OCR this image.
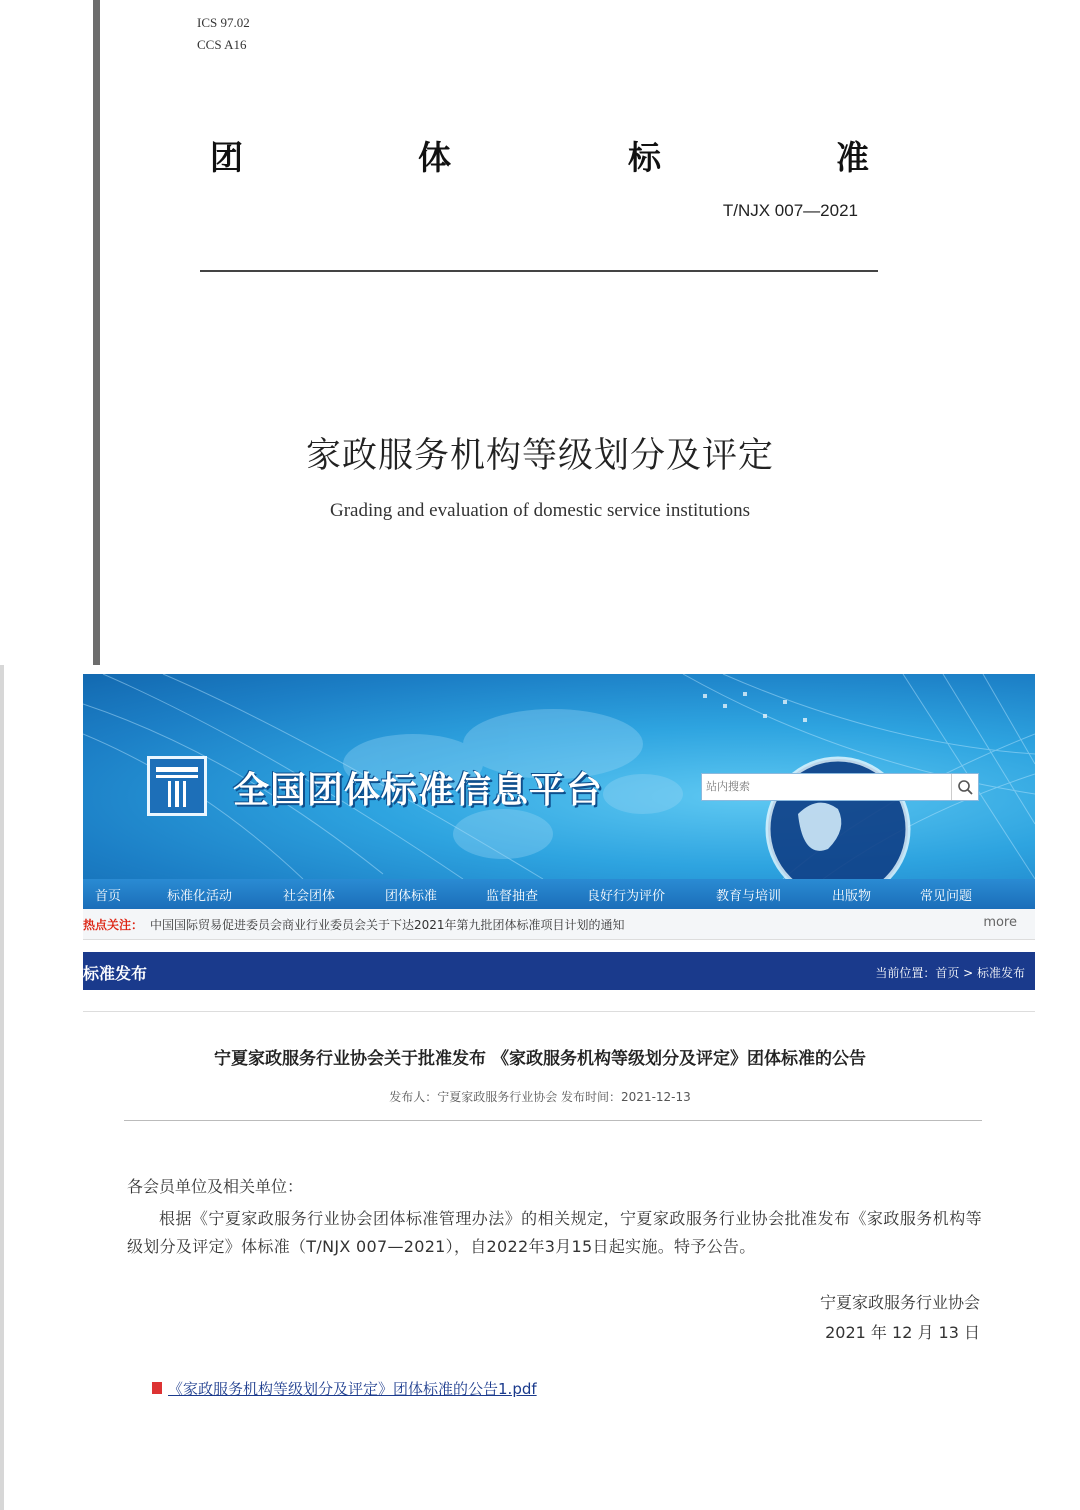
ICS 97.02
CCS A16
团	体	标	准
T/NJX 007—2021
家政服务机构等级划分及评定
Grading and evaluation of domestic service institutions
全国团体标准信息平台
站内搜索
首页	标准化活动	社会团体	团体标准	监督抽查	良好行为评价	教育与培训	出版物	常见问题
热点关注： 中国国际贸易促进委员会商业行业委员会关于下达2021年第九批团体标准项目计划的通知	more
标准发布	当前位置：首页 > 标准发布
宁夏家政服务行业协会关于批准发布 《家政服务机构等级划分及评定》团体标准的公告
发布人：宁夏家政服务行业协会 发布时间：2021-12-13

各会员单位及相关单位：

根据《宁夏家政服务行业协会团体标准管理办法》的相关规定，宁夏家政服务行业协会批准发布《家政服务机构等级划分及评定》体标准（T/NJX 007—2021），自2022年3月15日起实施。特予公告。

宁夏家政服务行业协会
2021 年 12 月 13 日
《家政服务机构等级划分及评定》团体标准的公告1.pdf
